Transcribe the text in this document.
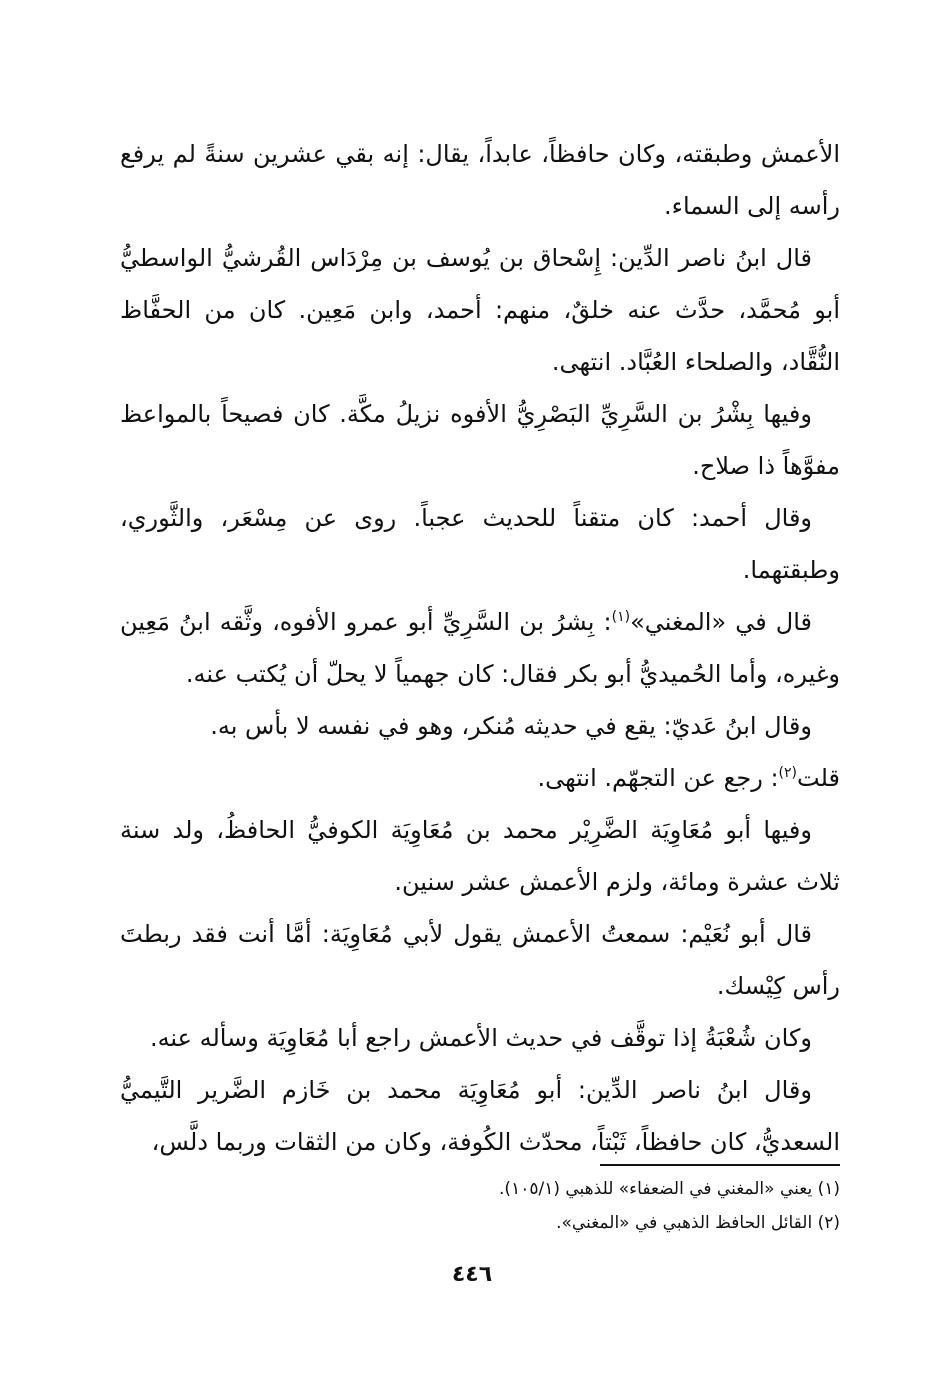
الأعمش وطبقته، وكان حافظاً، عابداً، يقال: إنه بقي عشرين سنةً لم يرفع رأسه إلى السماء.

قال ابنُ ناصر الدِّين: إِسْحاق بن يُوسف بن مِرْدَاس القُرشيُّ الواسطيُّ أبو مُحمَّد، حدَّث عنه خلقٌ، منهم: أحمد، وابن مَعِين. كان من الحفَّاظ النُّقَّاد، والصلحاء العُبَّاد. انتهى.

وفيها بِشْرُ بن السَّرِيِّ البَصْرِيُّ الأفوه نزيلُ مكَّة. كان فصيحاً بالمواعظ مفوَّهاً ذا صلاح.

وقال أحمد: كان متقناً للحديث عجباً. روى عن مِسْعَر، والثَّوري، وطبقتهما.

قال في «المغني»$^{(١)}$: بِشرُ بن السَّرِيِّ أبو عمرو الأفوه، وثَّقه ابنُ مَعِين وغيره، وأما الحُميديُّ أبو بكر فقال: كان جهمياً لا يحلّ أن يُكتب عنه.

وقال ابنُ عَديّ: يقع في حديثه مُنكر، وهو في نفسه لا بأس به.

قلت$^{(٢)}$: رجع عن التجهّم. انتهى.

وفيها أبو مُعَاوِيَة الضَّرِيْر محمد بن مُعَاوِيَة الكوفيُّ الحافظُ، ولد سنة ثلاث عشرة ومائة، ولزم الأعمش عشر سنين.

قال أبو نُعَيْم: سمعتُ الأعمش يقول لأبي مُعَاوِيَة: أمَّا أنت فقد ربطتَ رأس كِيْسك.

وكان شُعْبَةُ إذا توقَّف في حديث الأعمش راجع أبا مُعَاوِيَة وسأله عنه.

وقال ابنُ ناصر الدِّين: أبو مُعَاوِيَة محمد بن خَازم الضَّرير التَّيميُّ السعديُّ، كان حافظاً، ثَبْتاً، محدّث الكُوفة، وكان من الثقات وربما دلَّس،

(١) يعني «المغني في الضعفاء» للذهبي (١٠٥/١).

(٢) القائل الحافظ الذهبي في «المغني».

٤٤٦
